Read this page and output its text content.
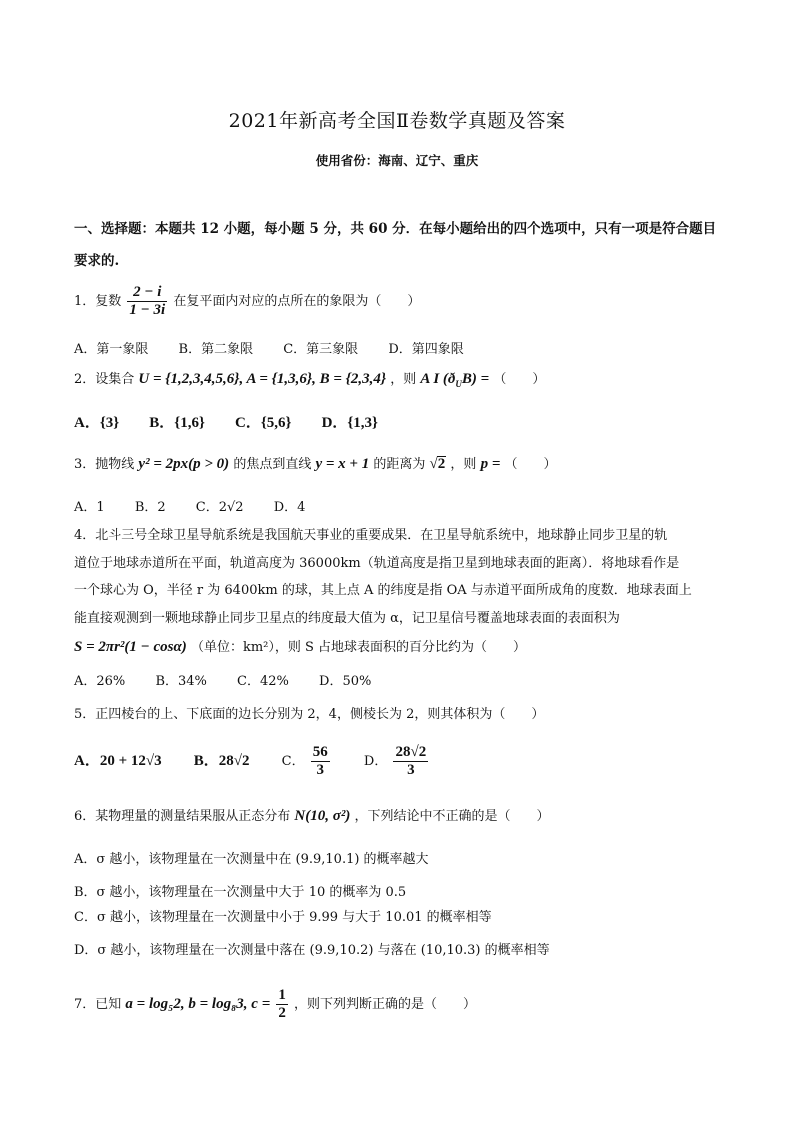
2021年新高考全国Ⅱ卷数学真题及答案
使用省份：海南、辽宁、重庆
一、选择题：本题共 12 小题，每小题 5 分，共 60 分．在每小题给出的四个选项中，只有一项是符合题目
要求的.
1．复数 $\frac{2 - i}{1 - 3i}$ 在复平面内对应的点所在的象限为（　　）
A．第一象限 B．第二象限 C．第三象限 D．第四象限
2．设集合 U = {1,2,3,4,5,6}, A = {1,3,6}, B = {2,3,4} ，则 A I $(ð_UB)$ = （　　）
A．{3} B．{1,6} C．{5,6} D．{1,3}
3．抛物线 y² = 2px(p > 0) 的焦点到直线 y = x + 1 的距离为 √2 ，则 p = （　　）
A．1 B．2 C．2√2 D．4
4．北斗三号全球卫星导航系统是我国航天事业的重要成果．在卫星导航系统中，地球静止同步卫星的轨
道位于地球赤道所在平面，轨道高度为 36000km（轨道高度是指卫星到地球表面的距离）．将地球看作是
一个球心为 O，半径 r 为 6400km 的球，其上点 A 的纬度是指 OA 与赤道平面所成角的度数．地球表面上
能直接观测到一颗地球静止同步卫星点的纬度最大值为 α，记卫星信号覆盖地球表面的表面积为
S = 2πr²(1 − cosα) （单位：km²），则 S 占地球表面积的百分比约为（　　）
A．26% B．34% C．42% D．50%
5．正四棱台的上、下底面的边长分别为 2，4，侧棱长为 2，则其体积为（　　）
A．20 + 12√3 B．28√2 C． $\frac{56}{3}$	D． $\frac{28√2}{3}$
6．某物理量的测量结果服从正态分布 N(10, σ²) ，下列结论中不正确的是（　　）
A．σ 越小，该物理量在一次测量中在 (9.9,10.1) 的概率越大
B．σ 越小，该物理量在一次测量中大于 10 的概率为 0.5
C．σ 越小，该物理量在一次测量中小于 9.99 与大于 10.01 的概率相等
D．σ 越小，该物理量在一次测量中落在 (9.9,10.2) 与落在 (10,10.3) 的概率相等
7．已知 a = log₅2, b = log₈3, $c = \frac{1}{2}$ ，则下列判断正确的是（　　）
